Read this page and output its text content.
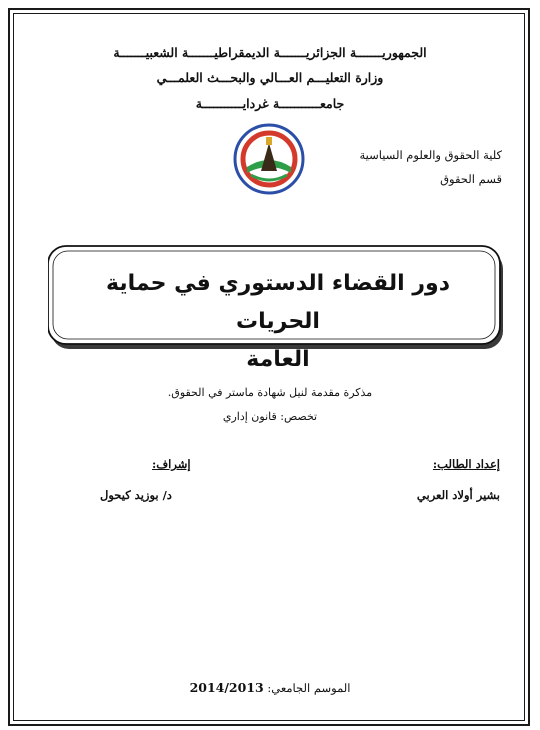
الجمهوريـــــــة الجزائريـــــــة الديمقراطيـــــــة الشعبيـــــــة
وزارة التعليـــم العـــالي والبحـــث العلمـــي
جامعـــــــــــة غردايـــــــــــة
كلية الحقوق والعلوم السياسية
قسم الحقوق
دور القضاء الدستوري في حماية الحريات
العامة
مذكرة مقدمة لنيل شهادة ماستر في الحقوق.
تخصص: قانون إداري
إعداد الطالب:
إشراف:
بشير أولاد العربي
د/ بوزيد كيحول
الموسم الجامعي: 2014/2013
